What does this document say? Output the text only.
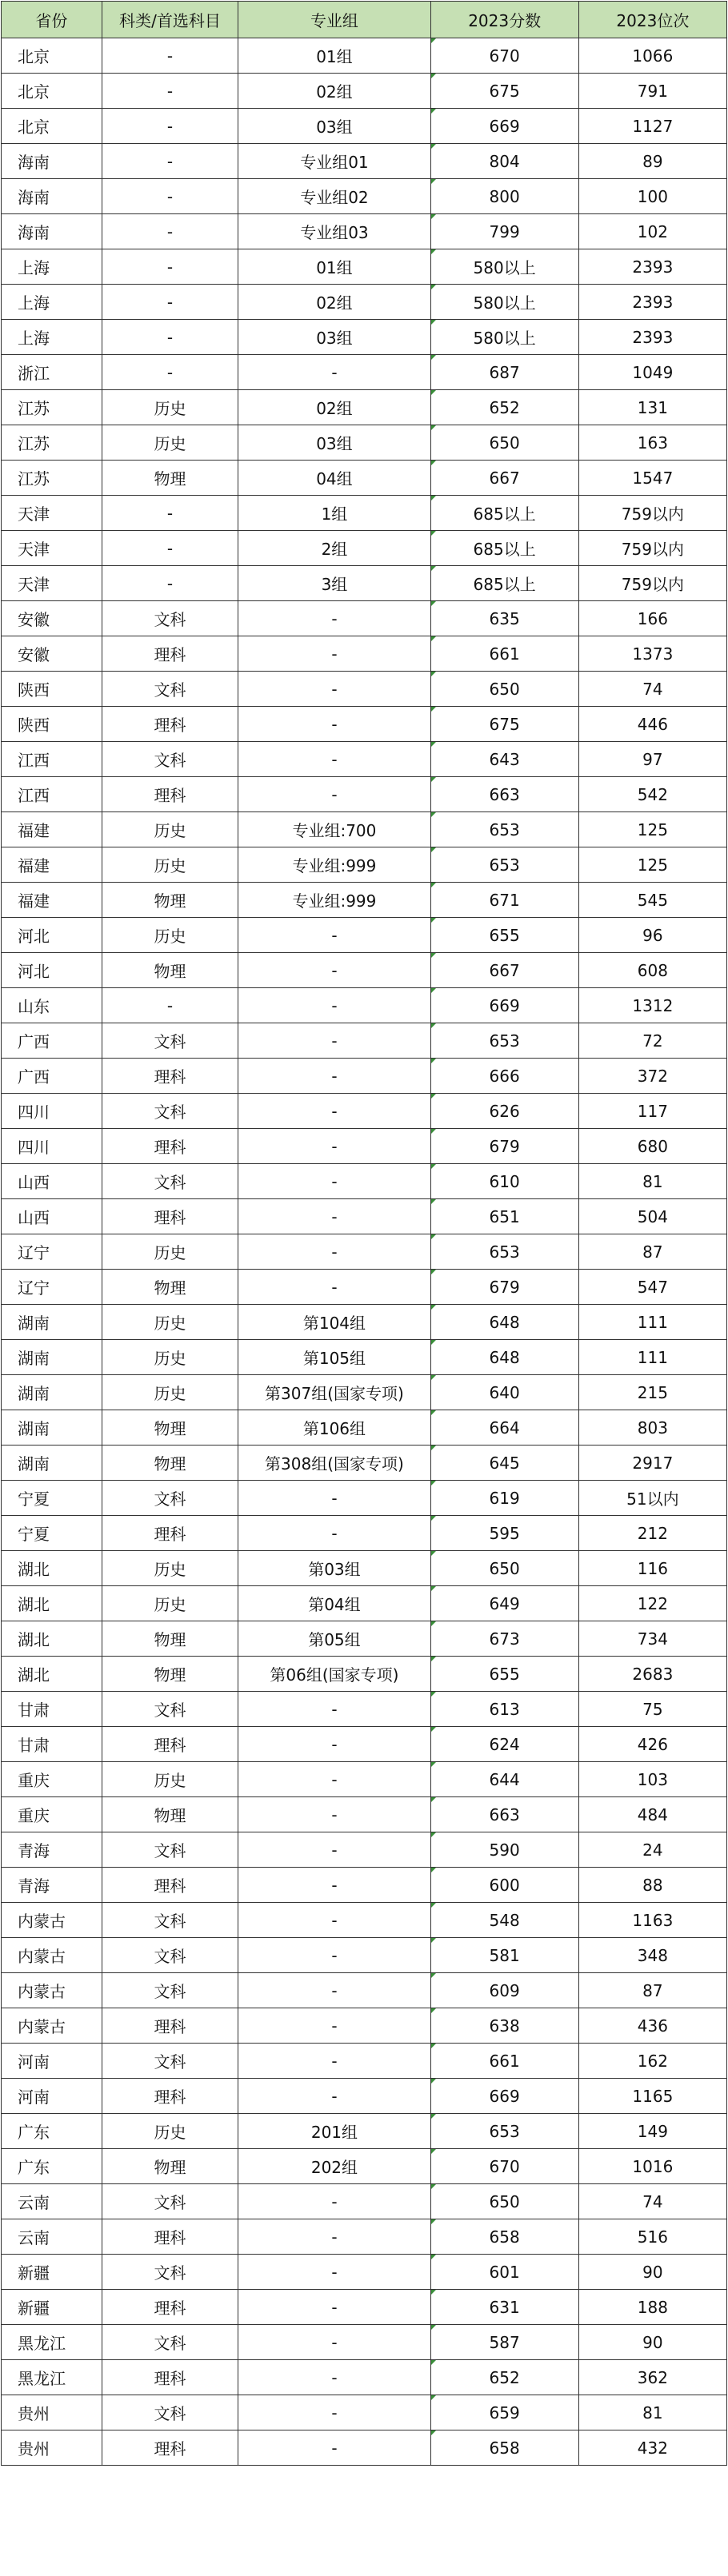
省份	科类/首选科目	专业组	2023分数	2023位次
北京	-	01组	670	1066
北京	-	02组	675	791
北京	-	03组	669	1127
海南	-	专业组01	804	89
海南	-	专业组02	800	100
海南	-	专业组03	799	102
上海	-	01组	580以上	2393
上海	-	02组	580以上	2393
上海	-	03组	580以上	2393
浙江	-	-	687	1049
江苏	历史	02组	652	131
江苏	历史	03组	650	163
江苏	物理	04组	667	1547
天津	-	1组	685以上	759以内
天津	-	2组	685以上	759以内
天津	-	3组	685以上	759以内
安徽	文科	-	635	166
安徽	理科	-	661	1373
陕西	文科	-	650	74
陕西	理科	-	675	446
江西	文科	-	643	97
江西	理科	-	663	542
福建	历史	专业组:700	653	125
福建	历史	专业组:999	653	125
福建	物理	专业组:999	671	545
河北	历史	-	655	96
河北	物理	-	667	608
山东	-	-	669	1312
广西	文科	-	653	72
广西	理科	-	666	372
四川	文科	-	626	117
四川	理科	-	679	680
山西	文科	-	610	81
山西	理科	-	651	504
辽宁	历史	-	653	87
辽宁	物理	-	679	547
湖南	历史	第104组	648	111
湖南	历史	第105组	648	111
湖南	历史	第307组(国家专项)	640	215
湖南	物理	第106组	664	803
湖南	物理	第308组(国家专项)	645	2917
宁夏	文科	-	619	51以内
宁夏	理科	-	595	212
湖北	历史	第03组	650	116
湖北	历史	第04组	649	122
湖北	物理	第05组	673	734
湖北	物理	第06组(国家专项)	655	2683
甘肃	文科	-	613	75
甘肃	理科	-	624	426
重庆	历史	-	644	103
重庆	物理	-	663	484
青海	文科	-	590	24
青海	理科	-	600	88
内蒙古	文科	-	548	1163
内蒙古	文科	-	581	348
内蒙古	文科	-	609	87
内蒙古	理科	-	638	436
河南	文科	-	661	162
河南	理科	-	669	1165
广东	历史	201组	653	149
广东	物理	202组	670	1016
云南	文科	-	650	74
云南	理科	-	658	516
新疆	文科	-	601	90
新疆	理科	-	631	188
黑龙江	文科	-	587	90
黑龙江	理科	-	652	362
贵州	文科	-	659	81
贵州	理科	-	658	432
